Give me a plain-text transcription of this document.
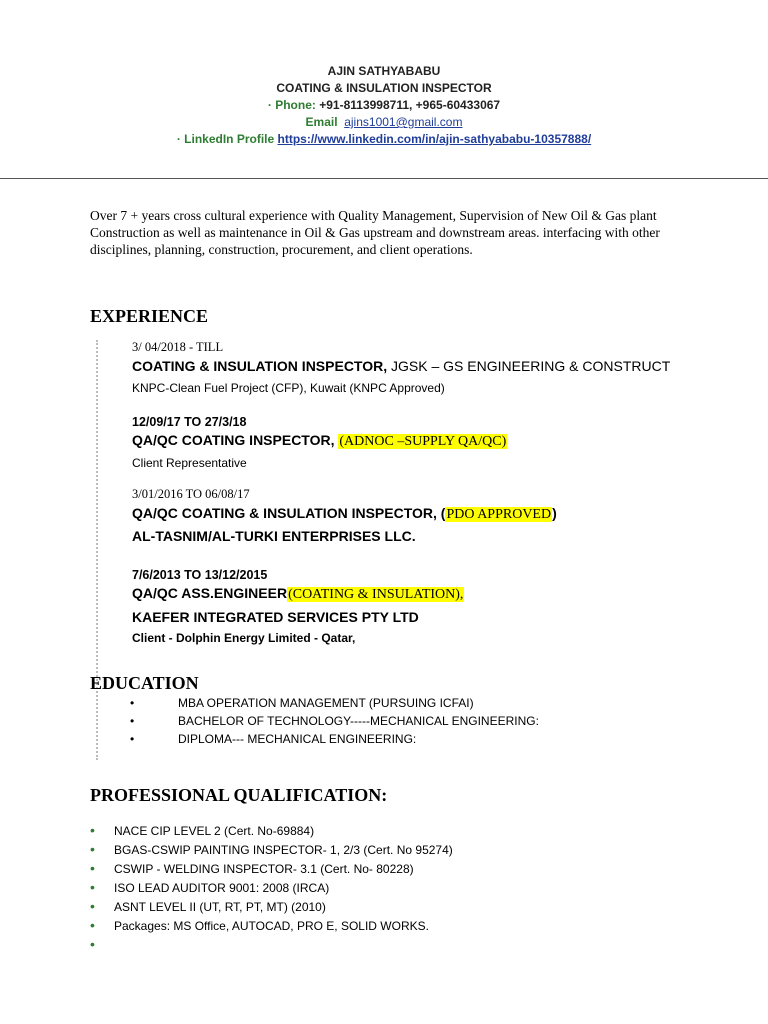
AJIN SATHYABABU
COATING & INSULATION INSPECTOR
· Phone: +91-8113998711, +965-60433067
Email ajins1001@gmail.com
· LinkedIn Profile https://www.linkedin.com/in/ajin-sathyababu-10357888/
Over 7 + years cross cultural experience with Quality Management, Supervision of New Oil & Gas plant Construction as well as maintenance in Oil & Gas upstream and downstream areas. interfacing with other disciplines, planning, construction, procurement, and client operations.
EXPERIENCE
3/ 04/2018 - TILL
COATING & INSULATION INSPECTOR, JGSK – GS ENGINEERING & CONSTRUCT
KNPC-Clean Fuel Project (CFP), Kuwait (KNPC Approved)
12/09/17 TO 27/3/18
QA/QC COATING INSPECTOR, (ADNOC –SUPPLY QA/QC)
Client Representative
3/01/2016 TO 06/08/17
QA/QC COATING & INSULATION INSPECTOR, (PDO APPROVED)
AL-TASNIM/AL-TURKI ENTERPRISES LLC.
7/6/2013 TO 13/12/2015
QA/QC ASS.ENGINEER(COATING & INSULATION),
KAEFER INTEGRATED SERVICES PTY LTD
Client - Dolphin Energy Limited - Qatar,
EDUCATION
•	MBA OPERATION MANAGEMENT (PURSUING ICFAI)
•	BACHELOR OF TECHNOLOGY-----MECHANICAL ENGINEERING:
•	DIPLOMA--- MECHANICAL ENGINEERING:
PROFESSIONAL QUALIFICATION:
• NACE CIP LEVEL 2 (Cert. No-69884)
• BGAS-CSWIP PAINTING INSPECTOR- 1, 2/3 (Cert. No 95274)
• CSWIP - WELDING INSPECTOR- 3.1 (Cert. No- 80228)
• ISO LEAD AUDITOR 9001: 2008 (IRCA)
• ASNT LEVEL II (UT, RT, PT, MT) (2010)
• Packages: MS Office, AUTOCAD, PRO E, SOLID WORKS.
•
